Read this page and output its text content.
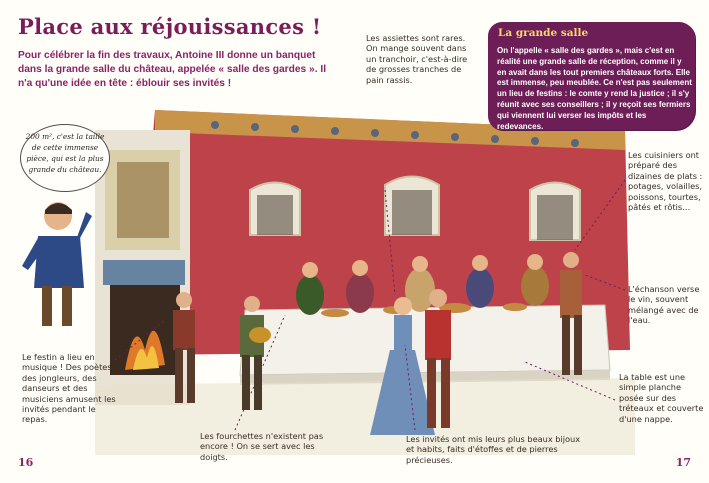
Place aux réjouissances !
Pour célébrer la fin des travaux, Antoine III donne un banquet dans la grande salle du château, appelée « salle des gardes ». Il n'a qu'une idée en tête : éblouir ses invités !
200 m², c'est la taille de cette immense pièce, qui est la plus grande du château.
Les assiettes sont rares. On mange souvent dans un tranchoir, c'est-à-dire de grosses tranches de pain rassis.
Le festin a lieu en musique ! Des poètes, des jongleurs, des danseurs et des musiciens amusent les invités pendant le repas.
Les fourchettes n'existent pas encore ! On se sert avec les doigts.
Les invités ont mis leurs plus beaux bijoux et habits, faits d'étoffes et de pierres précieuses.
Les cuisiniers ont préparé des dizaines de plats : potages, volailles, poissons, tourtes, pâtés et rôtis…
L'échanson verse le vin, souvent mélangé avec de l'eau.
La table est une simple planche posée sur des tréteaux et couverte d'une nappe.
La grande salle
On l'appelle « salle des gardes », mais c'est en réalité une grande salle de réception, comme il y en avait dans les tout premiers châteaux forts. Elle est immense, peu meublée. Ce n'est pas seulement un lieu de festins : le comte y rend la justice ; il s'y réunit avec ses conseillers ; il y reçoit ses fermiers qui viennent lui verser les impôts et les redevances.
16	17
